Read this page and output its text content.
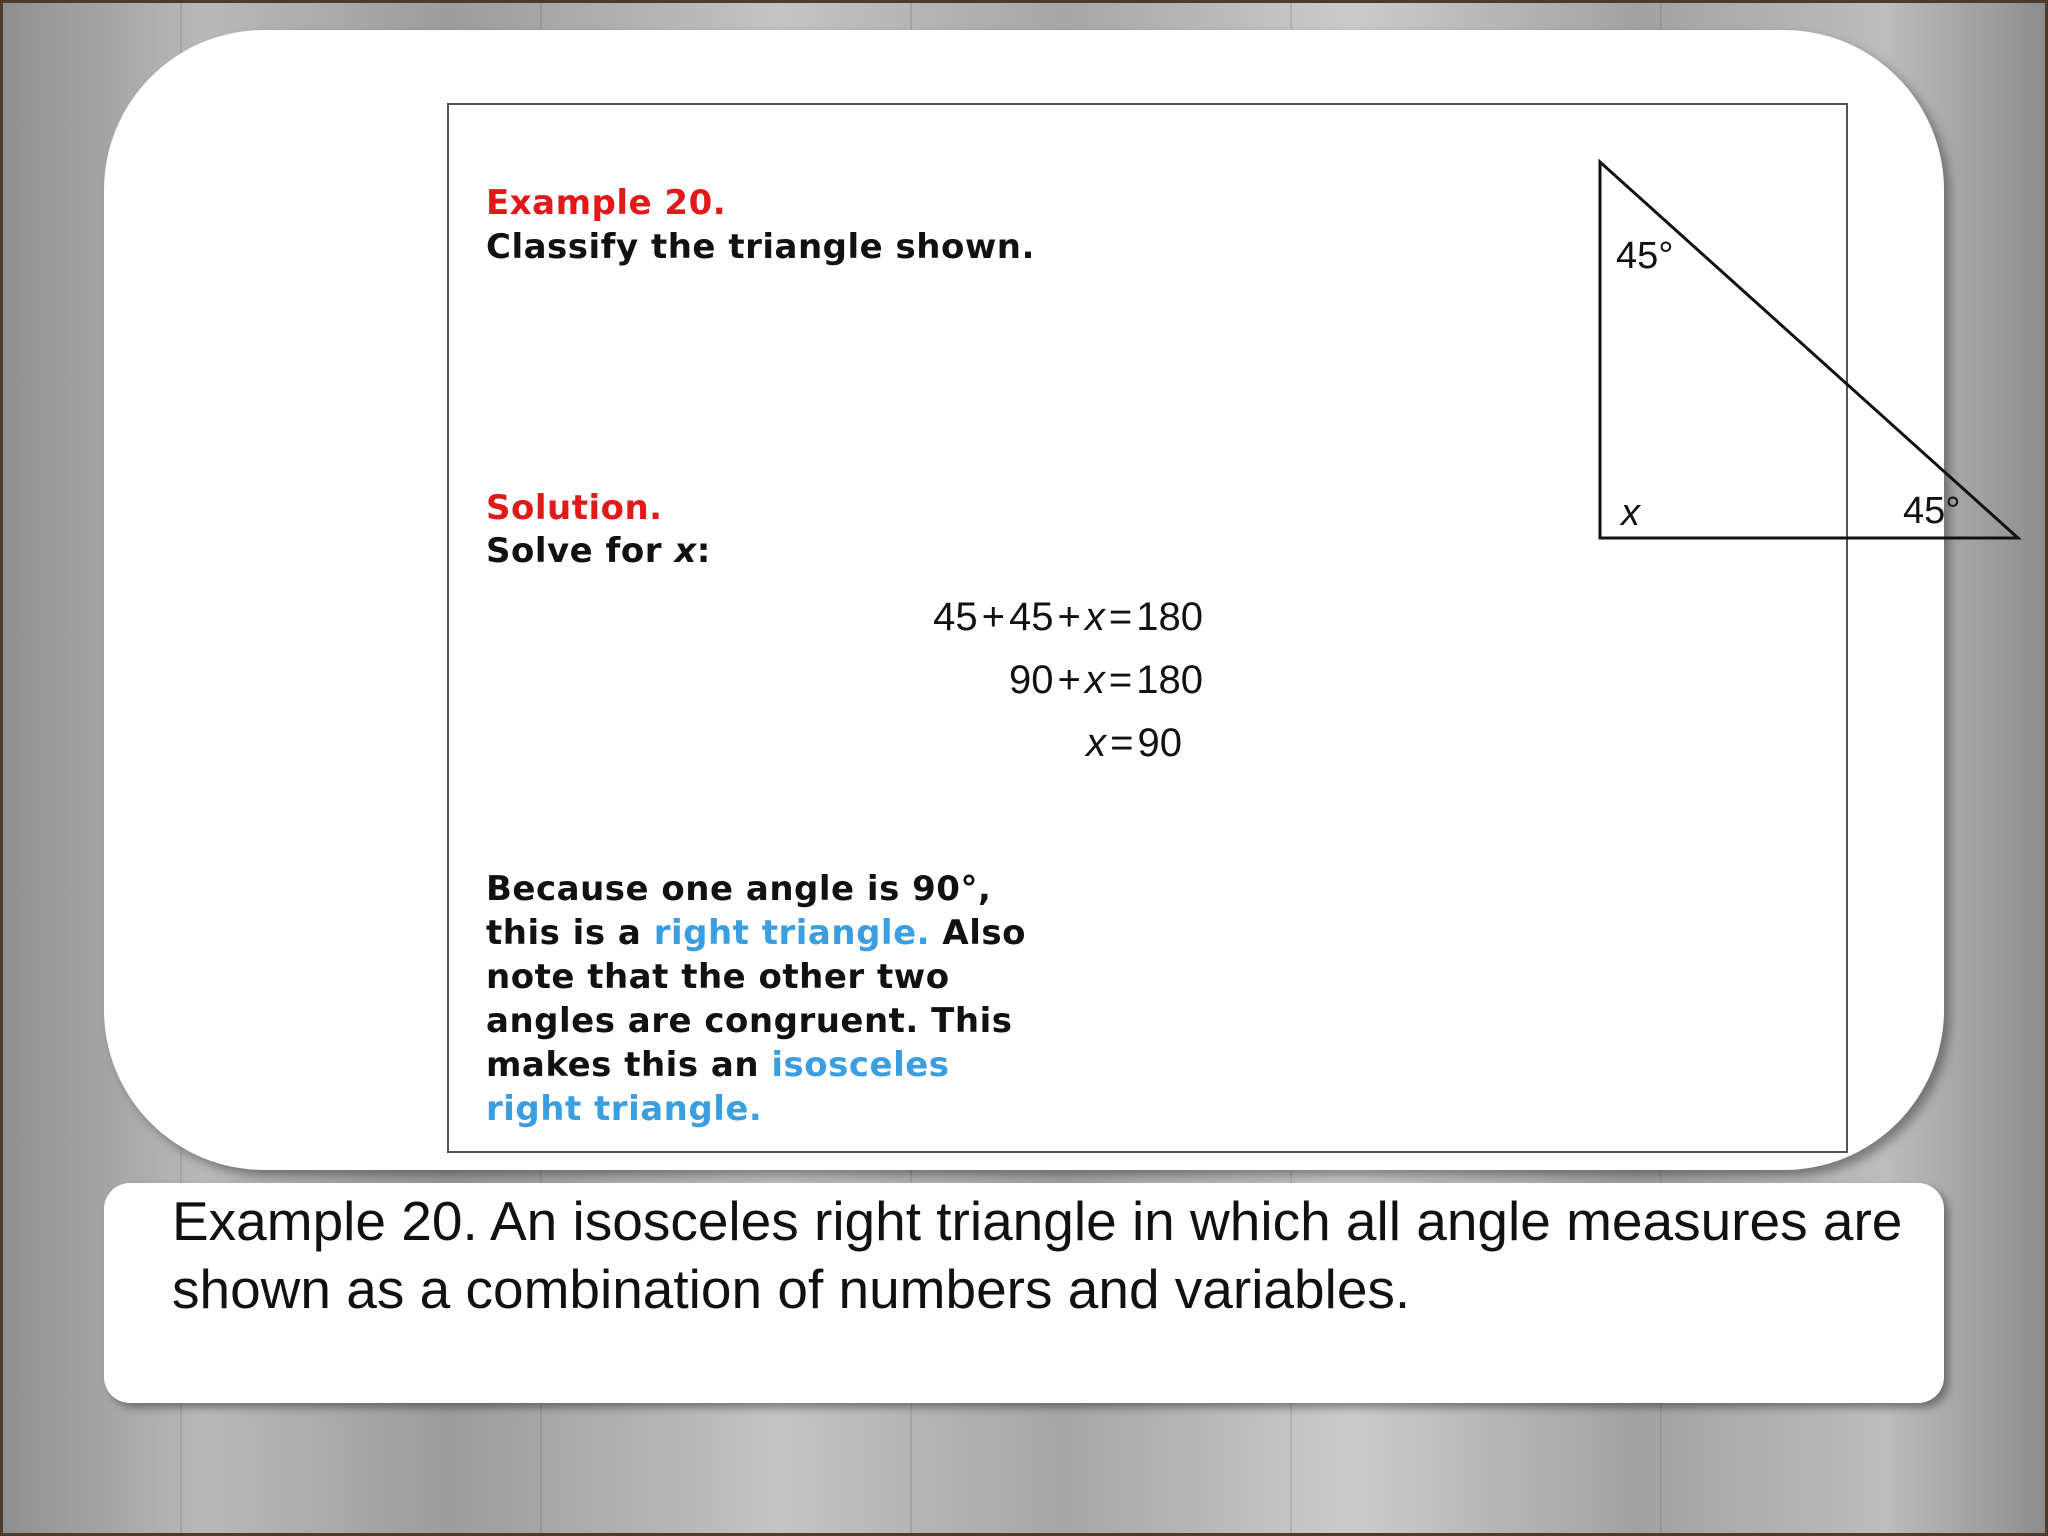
Example 20.
Classify the triangle shown.
Solution.
Solve for x:
45 + 45 + x = 180
90 + x = 180
x = 90
Because one angle is 90°,
this is a right triangle. Also
note that the other two
angles are congruent. This
makes this an isosceles
right triangle.
45°
x	45°
Example 20. An isosceles right triangle in which all angle measures are shown as a combination of numbers and variables.
